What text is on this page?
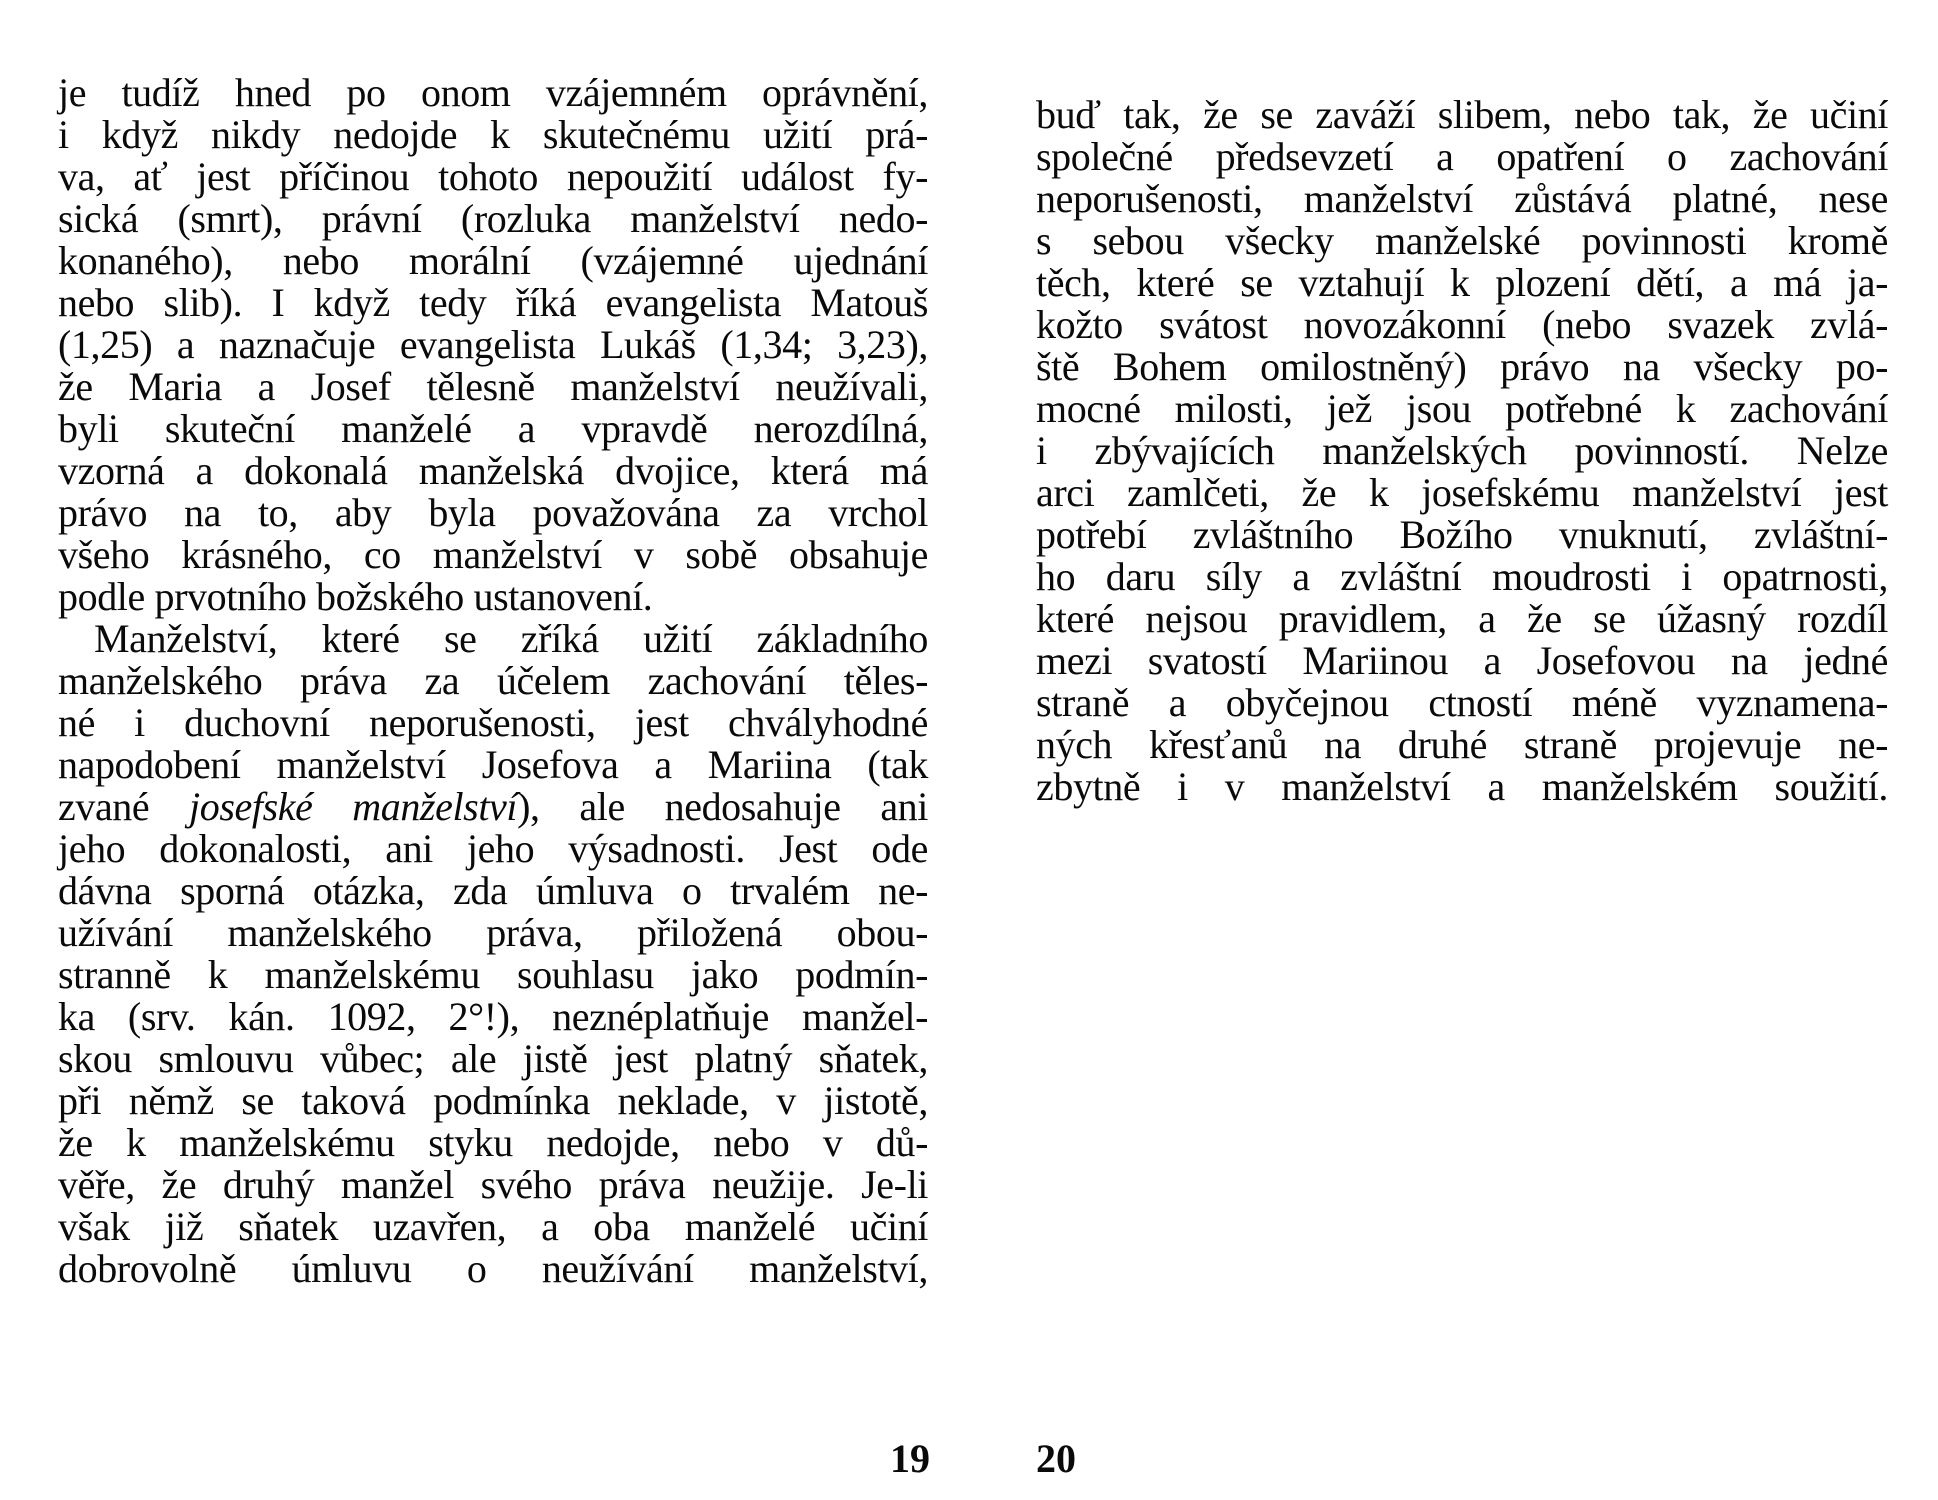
je tudíž hned po onom vzájemném oprávnění,
i když nikdy nedojde k skutečnému užití prá-
va, ať jest příčinou tohoto nepoužití událost fy-
sická (smrt), právní (rozluka manželství nedo-
konaného), nebo morální (vzájemné ujednání
nebo slib). I když tedy říká evangelista Matouš
(1,25) a naznačuje evangelista Lukáš (1,34; 3,23),
že Maria a Josef tělesně manželství neužívali,
byli skuteční manželé a vpravdě nerozdílná,
vzorná a dokonalá manželská dvojice, která má
právo na to, aby byla považována za vrchol
všeho krásného, co manželství v sobě obsahuje
podle prvotního božského ustanovení.
Manželství, které se zříká užití základního
manželského práva za účelem zachování těles-
né i duchovní neporušenosti, jest chvályhodné
napodobení manželství Josefova a Mariina (tak
zvané josefské manželství), ale nedosahuje ani
jeho dokonalosti, ani jeho výsadnosti. Jest ode
dávna sporná otázka, zda úmluva o trvalém ne-
užívání manželského práva, přiložená obou-
stranně k manželskému souhlasu jako podmín-
ka (srv. kán. 1092, 2°!), neznéplatňuje manžel-
skou smlouvu vůbec; ale jistě jest platný sňatek,
při němž se taková podmínka neklade, v jistotě,
že k manželskému styku nedojde, nebo v dů-
věře, že druhý manžel svého práva neužije. Je-li
však již sňatek uzavřen, a oba manželé učiní
dobrovolně úmluvu o neužívání manželství,
19
buď tak, že se zaváží slibem, nebo tak, že učiní
společné předsevzetí a opatření o zachování
neporušenosti, manželství zůstává platné, nese
s sebou všecky manželské povinnosti kromě
těch, které se vztahují k plození dětí, a má ja-
kožto svátost novozákonní (nebo svazek zvlá-
ště Bohem omilostněný) právo na všecky po-
mocné milosti, jež jsou potřebné k zachování
i zbývajících manželských povinností. Nelze
arci zamlčeti, že k josefskému manželství jest
potřebí zvláštního Božího vnuknutí, zvláštní-
ho daru síly a zvláštní moudrosti i opatrnosti,
které nejsou pravidlem, a že se úžasný rozdíl
mezi svatostí Mariinou a Josefovou na jedné
straně a obyčejnou ctností méně vyznamena-
ných křesťanů na druhé straně projevuje ne-
zbytně i v manželství a manželském soužití.
20
